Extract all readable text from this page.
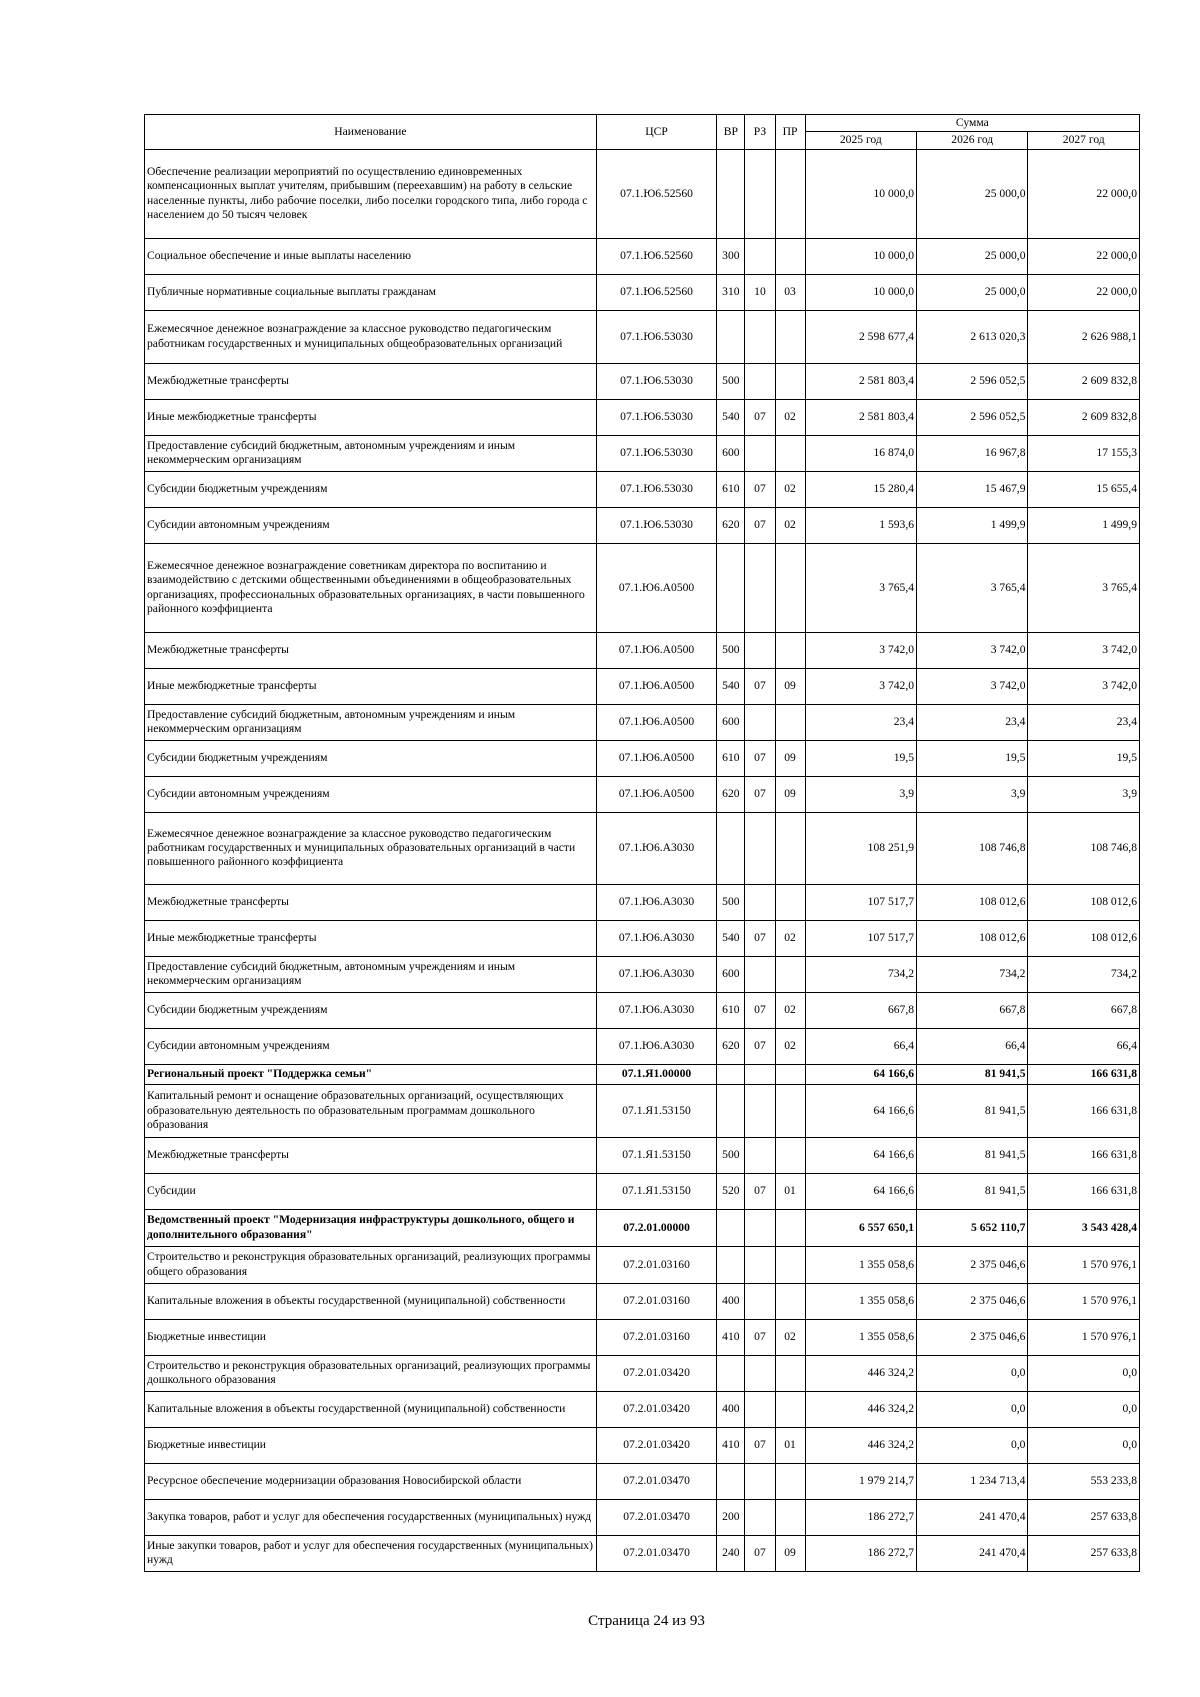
Наименование	ЦСР	ВР	РЗ	ПР	Сумма		
					2025 год	2026 год	2027 год
Обеспечение реализации мероприятий по осуществлению единовременных компенсационных выплат учителям, прибывшим (переехавшим) на работу в сельские населенные пункты, либо рабочие поселки, либо поселки городского типа, либо города с населением до 50 тысяч человек	07.1.Ю6.52560				10 000,0	25 000,0	22 000,0
Социальное обеспечение и иные выплаты населению	07.1.Ю6.52560	300			10 000,0	25 000,0	22 000,0
Публичные нормативные социальные выплаты гражданам	07.1.Ю6.52560	310	10	03	10 000,0	25 000,0	22 000,0
Ежемесячное денежное вознаграждение за классное руководство педагогическим работникам государственных и муниципальных общеобразовательных организаций	07.1.Ю6.53030				2 598 677,4	2 613 020,3	2 626 988,1
Межбюджетные трансферты	07.1.Ю6.53030	500			2 581 803,4	2 596 052,5	2 609 832,8
Иные межбюджетные трансферты	07.1.Ю6.53030	540	07	02	2 581 803,4	2 596 052,5	2 609 832,8
Предоставление субсидий бюджетным, автономным учреждениям и иным некоммерческим организациям	07.1.Ю6.53030	600			16 874,0	16 967,8	17 155,3
Субсидии бюджетным учреждениям	07.1.Ю6.53030	610	07	02	15 280,4	15 467,9	15 655,4
Субсидии автономным учреждениям	07.1.Ю6.53030	620	07	02	1 593,6	1 499,9	1 499,9
Ежемесячное денежное вознаграждение советникам директора по воспитанию и взаимодействию с детскими общественными объединениями в общеобразовательных организациях, профессиональных образовательных организациях, в части повышенного районного коэффициента	07.1.Ю6.А0500				3 765,4	3 765,4	3 765,4
Межбюджетные трансферты	07.1.Ю6.А0500	500			3 742,0	3 742,0	3 742,0
Иные межбюджетные трансферты	07.1.Ю6.А0500	540	07	09	3 742,0	3 742,0	3 742,0
Предоставление субсидий бюджетным, автономным учреждениям и иным некоммерческим организациям	07.1.Ю6.А0500	600			23,4	23,4	23,4
Субсидии бюджетным учреждениям	07.1.Ю6.А0500	610	07	09	19,5	19,5	19,5
Субсидии автономным учреждениям	07.1.Ю6.А0500	620	07	09	3,9	3,9	3,9
Ежемесячное денежное вознаграждение за классное руководство педагогическим работникам государственных и муниципальных образовательных организаций в части повышенного районного коэффициента	07.1.Ю6.А3030				108 251,9	108 746,8	108 746,8
Межбюджетные трансферты	07.1.Ю6.А3030	500			107 517,7	108 012,6	108 012,6
Иные межбюджетные трансферты	07.1.Ю6.А3030	540	07	02	107 517,7	108 012,6	108 012,6
Предоставление субсидий бюджетным, автономным учреждениям и иным некоммерческим организациям	07.1.Ю6.А3030	600			734,2	734,2	734,2
Субсидии бюджетным учреждениям	07.1.Ю6.А3030	610	07	02	667,8	667,8	667,8
Субсидии автономным учреждениям	07.1.Ю6.А3030	620	07	02	66,4	66,4	66,4
Региональный проект "Поддержка семьи"	07.1.Я1.00000				64 166,6	81 941,5	166 631,8
Капитальный ремонт и оснащение образовательных организаций, осуществляющих образовательную деятельность по образовательным программам дошкольного образования	07.1.Я1.53150				64 166,6	81 941,5	166 631,8
Межбюджетные трансферты	07.1.Я1.53150	500			64 166,6	81 941,5	166 631,8
Субсидии	07.1.Я1.53150	520	07	01	64 166,6	81 941,5	166 631,8
Ведомственный проект "Модернизация инфраструктуры дошкольного, общего и дополнительного образования"	07.2.01.00000				6 557 650,1	5 652 110,7	3 543 428,4
Строительство и реконструкция образовательных организаций, реализующих программы общего образования	07.2.01.03160				1 355 058,6	2 375 046,6	1 570 976,1
Капитальные вложения в объекты государственной (муниципальной) собственности	07.2.01.03160	400			1 355 058,6	2 375 046,6	1 570 976,1
Бюджетные инвестиции	07.2.01.03160	410	07	02	1 355 058,6	2 375 046,6	1 570 976,1
Строительство и реконструкция образовательных организаций, реализующих программы дошкольного образования	07.2.01.03420				446 324,2	0,0	0,0
Капитальные вложения в объекты государственной (муниципальной) собственности	07.2.01.03420	400			446 324,2	0,0	0,0
Бюджетные инвестиции	07.2.01.03420	410	07	01	446 324,2	0,0	0,0
Ресурсное обеспечение модернизации образования Новосибирской области	07.2.01.03470				1 979 214,7	1 234 713,4	553 233,8
Закупка товаров, работ и услуг для обеспечения государственных (муниципальных) нужд	07.2.01.03470	200			186 272,7	241 470,4	257 633,8
Иные закупки товаров, работ и услуг для обеспечения государственных (муниципальных) нужд	07.2.01.03470	240	07	09	186 272,7	241 470,4	257 633,8
Страница 24 из 93
